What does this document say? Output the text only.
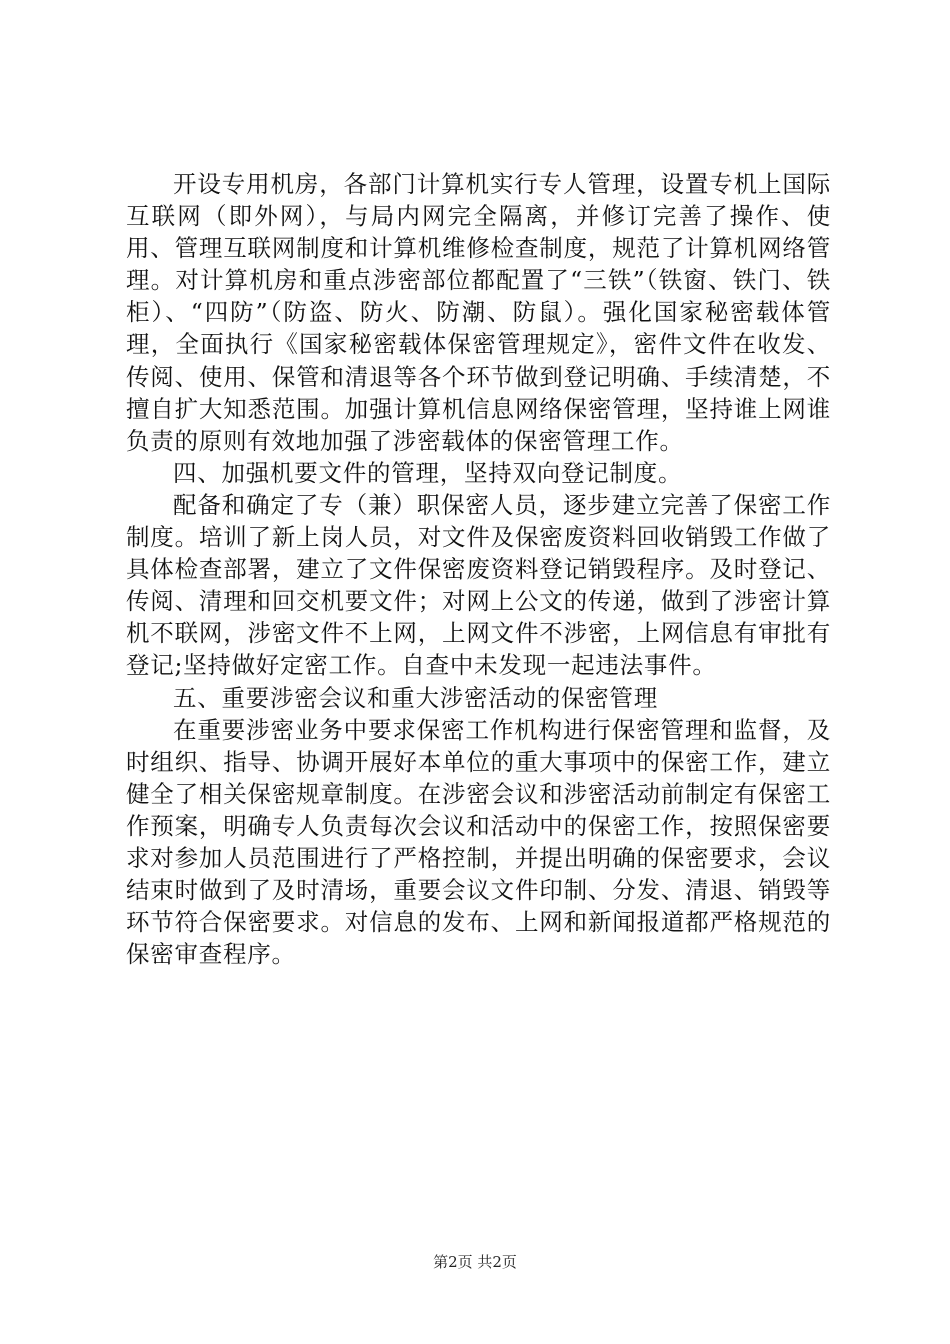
开设专用机房，各部门计算机实行专人管理，设置专机上国际互联网（即外网），与局内网完全隔离，并修订完善了操作、使用、管理互联网制度和计算机维修检查制度，规范了计算机网络管理。对计算机房和重点涉密部位都配置了“三铁”（铁窗、铁门、铁柜）、“四防”（防盗、防火、防潮、防鼠）。强化国家秘密载体管理，全面执行《国家秘密载体保密管理规定》，密件文件在收发、传阅、使用、保管和清退等各个环节做到登记明确、手续清楚，不擅自扩大知悉范围。加强计算机信息网络保密管理，坚持谁上网谁负责的原则有效地加强了涉密载体的保密管理工作。

四、加强机要文件的管理，坚持双向登记制度。

配备和确定了专（兼）职保密人员，逐步建立完善了保密工作制度。培训了新上岗人员，对文件及保密废资料回收销毁工作做了具体检查部署，建立了文件保密废资料登记销毁程序。及时登记、传阅、清理和回交机要文件；对网上公文的传递，做到了涉密计算机不联网，涉密文件不上网，上网文件不涉密，上网信息有审批有登记;坚持做好定密工作。自查中未发现一起违法事件。

五、重要涉密会议和重大涉密活动的保密管理

在重要涉密业务中要求保密工作机构进行保密管理和监督，及时组织、指导、协调开展好本单位的重大事项中的保密工作，建立健全了相关保密规章制度。在涉密会议和涉密活动前制定有保密工作预案，明确专人负责每次会议和活动中的保密工作，按照保密要求对参加人员范围进行了严格控制，并提出明确的保密要求，会议结束时做到了及时清场，重要会议文件印制、分发、清退、销毁等环节符合保密要求。对信息的发布、上网和新闻报道都严格规范的保密审查程序。

第2页 共2页
